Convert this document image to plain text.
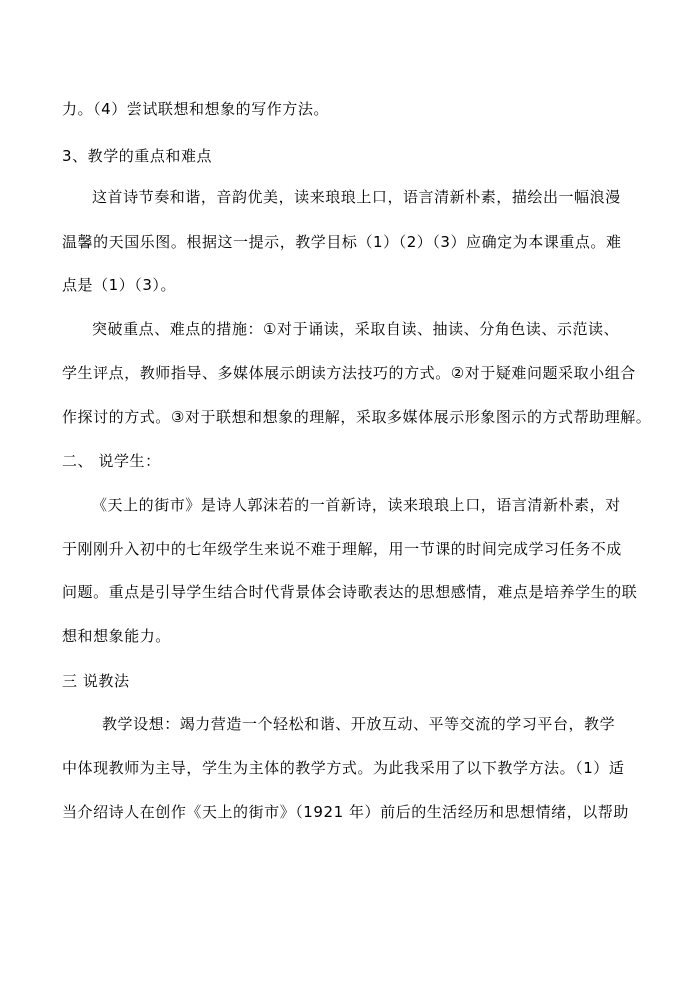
力。（4）尝试联想和想象的写作方法。
3、教学的重点和难点
这首诗节奏和谐，音韵优美，读来琅琅上口，语言清新朴素，描绘出一幅浪漫
温馨的天国乐图。根据这一提示，教学目标（1）（2）（3）应确定为本课重点。难
点是（1）（3）。
突破重点、难点的措施：①对于诵读，采取自读、抽读、分角色读、示范读、
学生评点，教师指导、多媒体展示朗读方法技巧的方式。②对于疑难问题采取小组合
作探讨的方式。③对于联想和想象的理解，采取多媒体展示形象图示的方式帮助理解。
二、 说学生：
《天上的街市》是诗人郭沫若的一首新诗，读来琅琅上口，语言清新朴素，对
于刚刚升入初中的七年级学生来说不难于理解，用一节课的时间完成学习任务不成
问题。重点是引导学生结合时代背景体会诗歌表达的思想感情，难点是培养学生的联
想和想象能力。
三 说教法
教学设想：竭力营造一个轻松和谐、开放互动、平等交流的学习平台，教学
中体现教师为主导，学生为主体的教学方式。为此我采用了以下教学方法。（1）适
当介绍诗人在创作《天上的街市》（1921 年）前后的生活经历和思想情绪，以帮助
